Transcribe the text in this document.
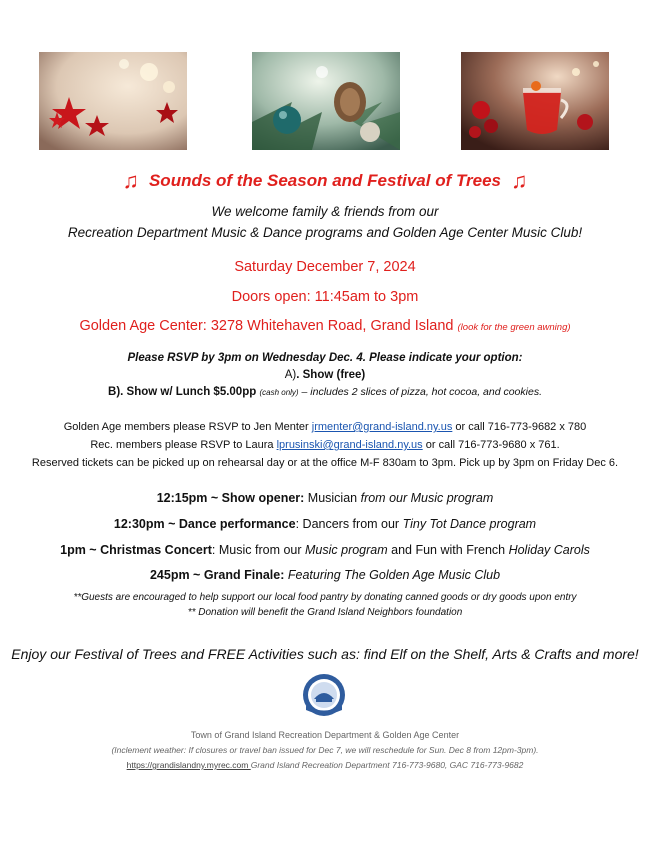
♫ Sounds of the Season and Festival of Trees ♫
We welcome family & friends from our
Recreation Department Music & Dance programs and Golden Age Center Music Club!
Saturday December 7, 2024
Doors open: 11:45am to 3pm
Golden Age Center: 3278 Whitehaven Road, Grand Island (look for the green awning)
Please RSVP by 3pm on Wednesday Dec. 4. Please indicate your option:
A). Show (free)
B). Show w/ Lunch $5.00pp (cash only) – includes 2 slices of pizza, hot cocoa, and cookies.
Golden Age members please RSVP to Jen Menter jrmenter@grand-island.ny.us or call 716-773-9682 x 780
Rec. members please RSVP to Laura lprusinski@grand-island.ny.us or call 716-773-9680 x 761.
Reserved tickets can be picked up on rehearsal day or at the office M-F 830am to 3pm. Pick up by 3pm on Friday Dec 6.
12:15pm ~ Show opener: Musician from our Music program
12:30pm ~ Dance performance: Dancers from our Tiny Tot Dance program
1pm ~ Christmas Concert: Music from our Music program and Fun with French Holiday Carols
245pm ~ Grand Finale: Featuring The Golden Age Music Club
**Guests are encouraged to help support our local food pantry by donating canned goods or dry goods upon entry
** Donation will benefit the Grand Island Neighbors foundation
Enjoy our Festival of Trees and FREE Activities such as: find Elf on the Shelf, Arts & Crafts and more!
Town of Grand Island Recreation Department & Golden Age Center
(Inclement weather: If closures or travel ban issued for Dec 7, we will reschedule for Sun. Dec 8 from 12pm-3pm).
https://grandislandny.myrec.com Grand Island Recreation Department 716-773-9680, GAC 716-773-9682
